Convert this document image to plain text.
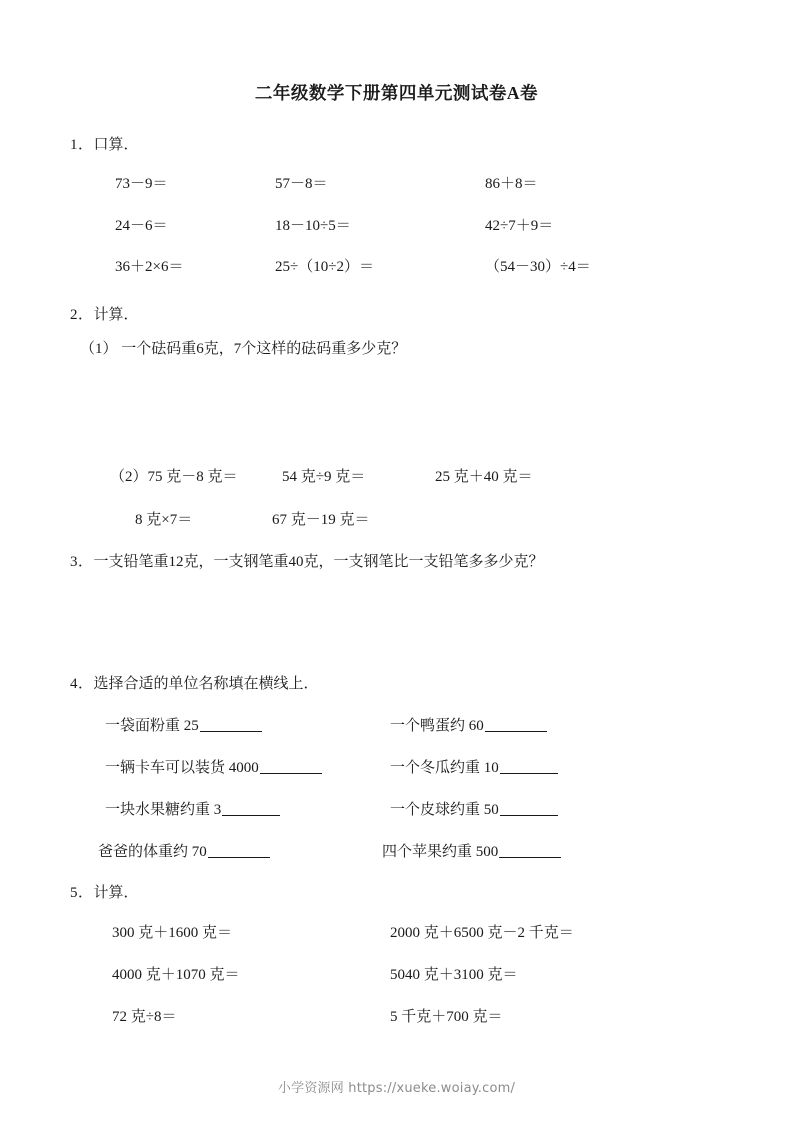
二年级数学下册第四单元测试卷A卷
1．口算．
73－9＝	57－8＝	86＋8＝
24－6＝	18－10÷5＝	42÷7＋9＝
36＋2×6＝	25÷（10÷2）＝	（54－30）÷4＝
2．计算．
（1） 一个砝码重6克，7个这样的砝码重多少克？
（2）75 克－8 克＝	54 克÷9 克＝	25 克＋40 克＝
8 克×7＝	67 克－19 克＝
3．一支铅笔重12克，一支钢笔重40克，一支钢笔比一支铅笔多多少克？
4．选择合适的单位名称填在横线上．
一袋面粉重 25	一个鸭蛋约 60
一辆卡车可以装货 4000	一个冬瓜约重 10
一块水果糖约重 3	一个皮球约重 50
爸爸的体重约 70	四个苹果约重 500
5．计算．
300 克＋1600 克＝	2000 克＋6500 克－2 千克＝
4000 克＋1070 克＝	5040 克＋3100 克＝
72 克÷8＝	5 千克＋700 克＝
小学资源网 https://xueke.woiay.com/
